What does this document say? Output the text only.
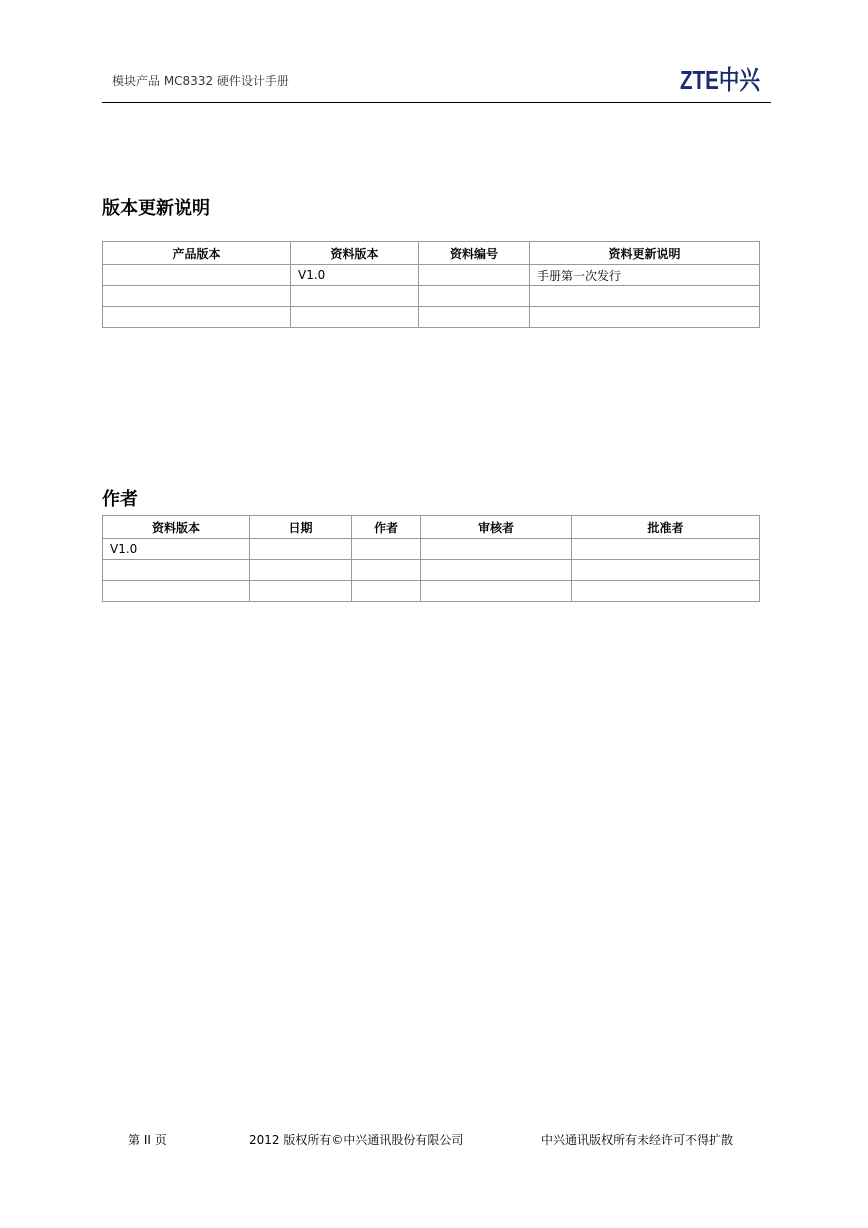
模块产品 MC8332 硬件设计手册	ZTE中兴
版本更新说明
产品版本	资料版本	资料编号	资料更新说明
	V1.0		手册第一次发行

作者
资料版本	日期	作者	审核者	批准者
V1.0				

第 II 页	2012 版权所有©中兴通讯股份有限公司	中兴通讯版权所有未经许可不得扩散
